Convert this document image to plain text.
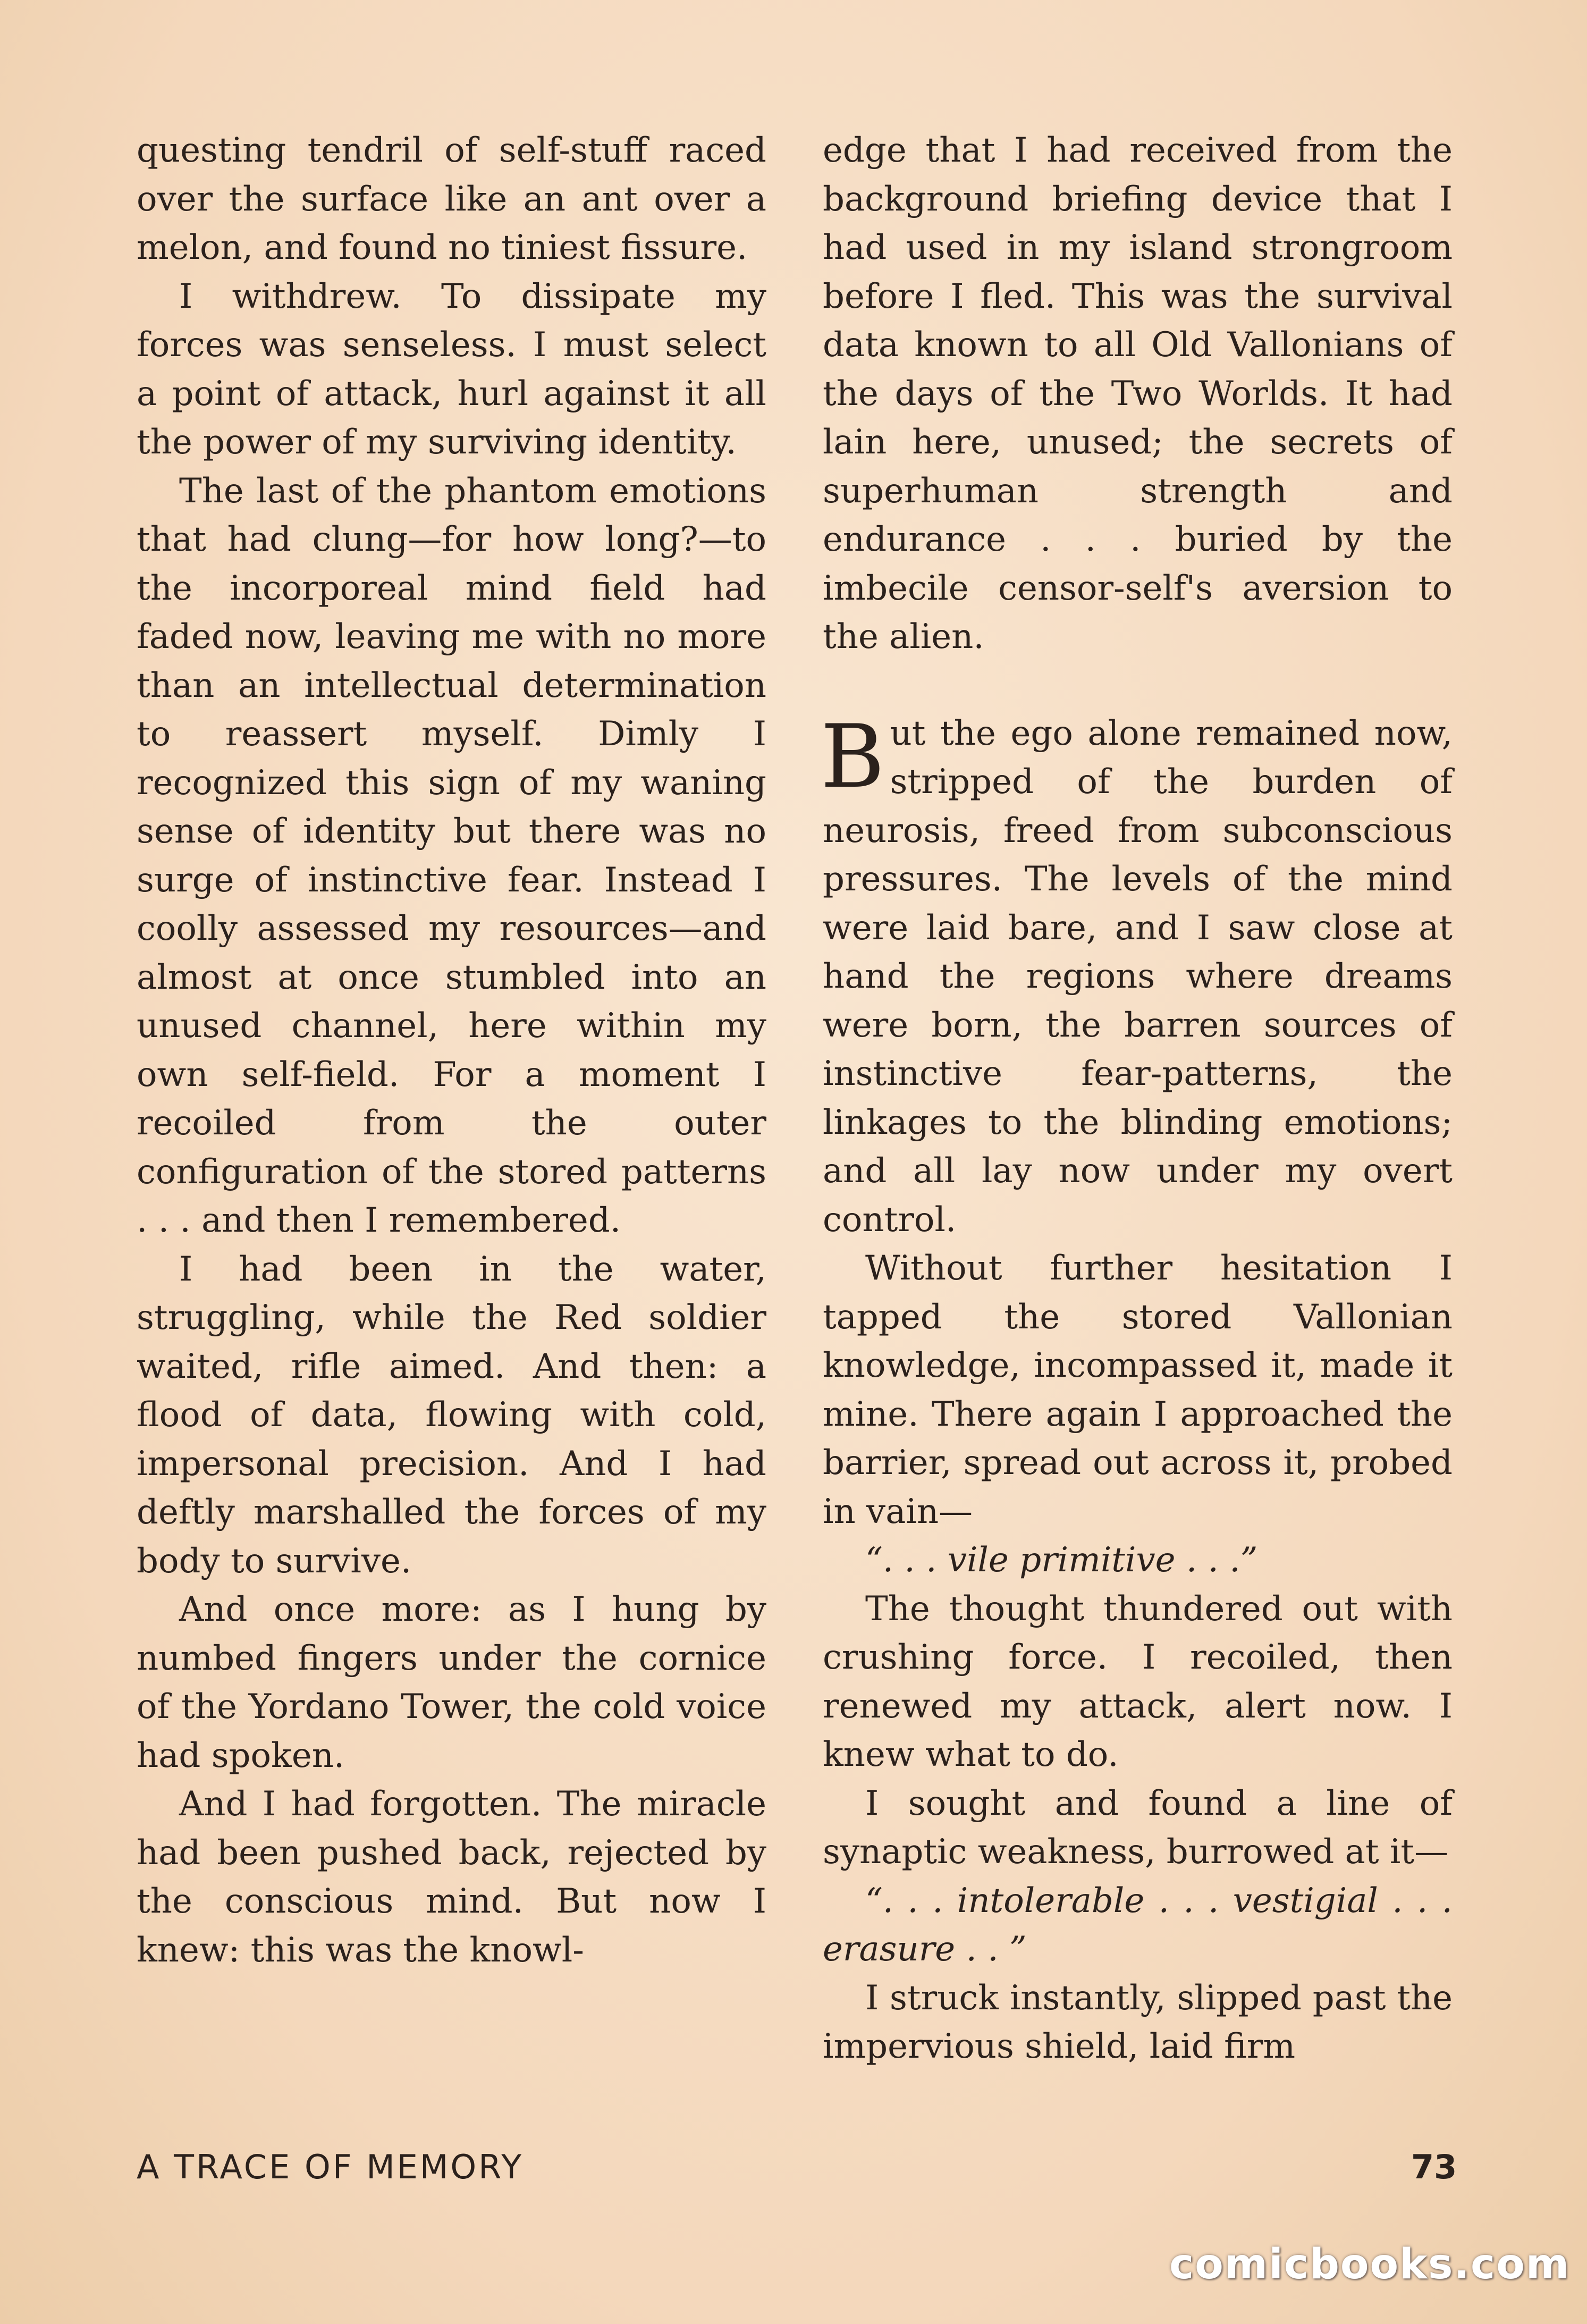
questing tendril of self-stuff raced over the surface like an ant over a melon, and found no tiniest fissure.

I withdrew. To dissipate my forces was senseless. I must select a point of attack, hurl against it all the power of my surviving identity.

The last of the phantom emotions that had clung—for how long?—to the incorporeal mind field had faded now, leaving me with no more than an intellectual determination to reassert myself. Dimly I recognized this sign of my waning sense of identity but there was no surge of instinctive fear. Instead I coolly assessed my resources—and almost at once stumbled into an unused channel, here within my own self-field. For a moment I recoiled from the outer configuration of the stored patterns . . . and then I remembered.

I had been in the water, struggling, while the Red soldier waited, rifle aimed. And then: a flood of data, flowing with cold, impersonal precision. And I had deftly marshalled the forces of my body to survive.

And once more: as I hung by numbed fingers under the cornice of the Yordano Tower, the cold voice had spoken.

And I had forgotten. The miracle had been pushed back, rejected by the conscious mind. But now I knew: this was the knowl-

edge that I had received from the background briefing device that I had used in my island strongroom before I fled. This was the survival data known to all Old Vallonians of the days of the Two Worlds. It had lain here, unused; the secrets of superhuman strength and endurance . . . buried by the imbecile censor-self's aversion to the alien.

But the ego alone remained now, stripped of the burden of neurosis, freed from subconscious pressures. The levels of the mind were laid bare, and I saw close at hand the regions where dreams were born, the barren sources of instinctive fear-patterns, the linkages to the blinding emotions; and all lay now under my overt control.

Without further hesitation I tapped the stored Vallonian knowledge, incompassed it, made it mine. There again I approached the barrier, spread out across it, probed in vain—

“. . . vile primitive . . .”

The thought thundered out with crushing force. I recoiled, then renewed my attack, alert now. I knew what to do.

I sought and found a line of synaptic weakness, burrowed at it—

“. . . intolerable . . . vestigial . . . erasure . . ”

I struck instantly, slipped past the impervious shield, laid firm

A TRACE OF MEMORY	73
comicbooks.com
